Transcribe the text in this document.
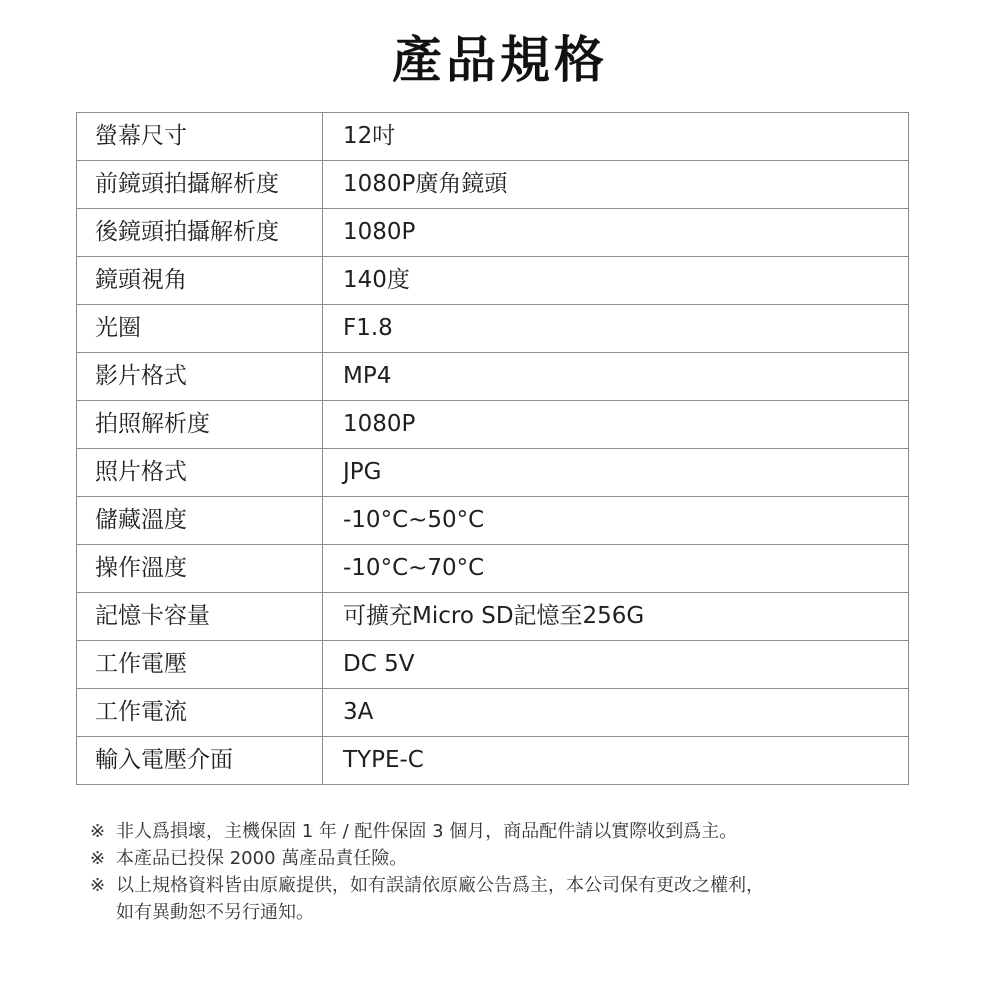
產品規格
螢幕尺寸	12吋
前鏡頭拍攝解析度	1080P廣角鏡頭
後鏡頭拍攝解析度	1080P
鏡頭視角	140度
光圈	F1.8
影片格式	MP4
拍照解析度	1080P
照片格式	JPG
儲藏溫度	-10°C~50°C
操作溫度	-10°C~70°C
記憶卡容量	可擴充Micro SD記憶至256G
工作電壓	DC 5V
工作電流	3A
輸入電壓介面	TYPE-C
※ 非人爲損壞，主機保固 1 年 / 配件保固 3 個月，商品配件請以實際收到爲主。
※ 本產品已投保 2000 萬產品責任險。
※ 以上規格資料皆由原廠提供，如有誤請依原廠公告爲主，本公司保有更改之權利，
如有異動恕不另行通知。
